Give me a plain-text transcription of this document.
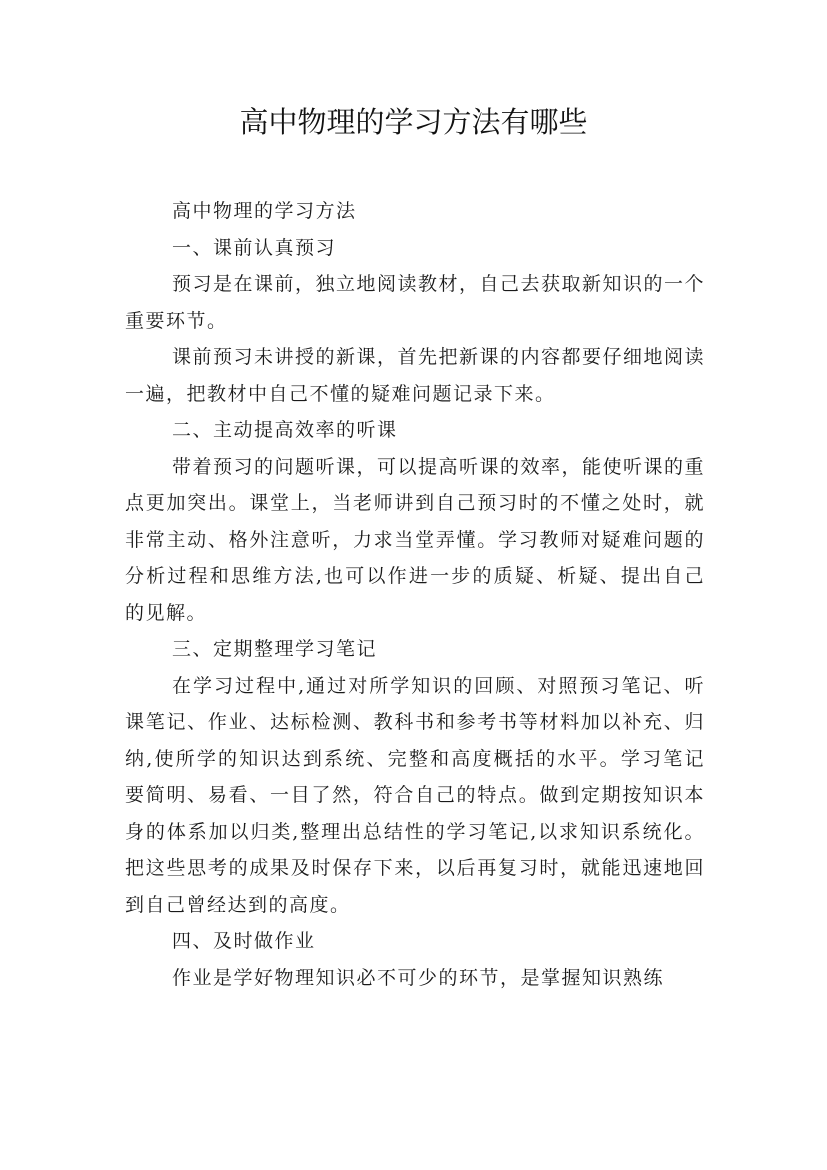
高中物理的学习方法有哪些

高中物理的学习方法

一、课前认真预习

预习是在课前，独立地阅读教材，自己去获取新知识的一个重要环节。

课前预习未讲授的新课，首先把新课的内容都要仔细地阅读一遍，把教材中自己不懂的疑难问题记录下来。

二、主动提高效率的听课

带着预习的问题听课，可以提高听课的效率，能使听课的重点更加突出。课堂上，当老师讲到自己预习时的不懂之处时，就非常主动、格外注意听，力求当堂弄懂。学习教师对疑难问题的分析过程和思维方法,也可以作进一步的质疑、析疑、提出自己的见解。

三、定期整理学习笔记

在学习过程中,通过对所学知识的回顾、对照预习笔记、听课笔记、作业、达标检测、教科书和参考书等材料加以补充、归纳,使所学的知识达到系统、完整和高度概括的水平。学习笔记要简明、易看、一目了然，符合自己的特点。做到定期按知识本身的体系加以归类,整理出总结性的学习笔记,以求知识系统化。把这些思考的成果及时保存下来，以后再复习时，就能迅速地回到自己曾经达到的高度。

四、及时做作业

作业是学好物理知识必不可少的环节，是掌握知识熟练
